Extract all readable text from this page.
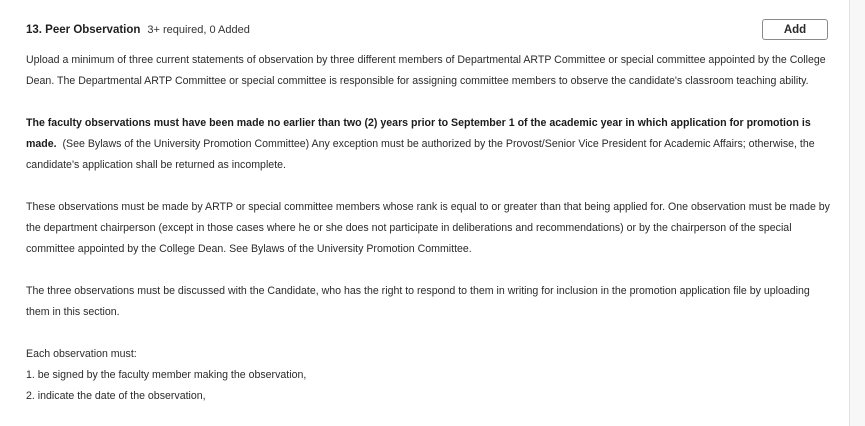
13. Peer Observation 3+ required, 0 Added	Add

Upload a minimum of three current statements of observation by three different members of Departmental ARTP Committee or special committee appointed by the College Dean. The Departmental ARTP Committee or special committee is responsible for assigning committee members to observe the candidate's classroom teaching ability.

The faculty observations must have been made no earlier than two (2) years prior to September 1 of the academic year in which application for promotion is made. (See Bylaws of the University Promotion Committee) Any exception must be authorized by the Provost/Senior Vice President for Academic Affairs; otherwise, the candidate's application shall be returned as incomplete.

These observations must be made by ARTP or special committee members whose rank is equal to or greater than that being applied for. One observation must be made by the department chairperson (except in those cases where he or she does not participate in deliberations and recommendations) or by the chairperson of the special committee appointed by the College Dean. See Bylaws of the University Promotion Committee.

The three observations must be discussed with the Candidate, who has the right to respond to them in writing for inclusion in the promotion application file by uploading them in this section.

Each observation must:

1. be signed by the faculty member making the observation,
2. indicate the date of the observation,
